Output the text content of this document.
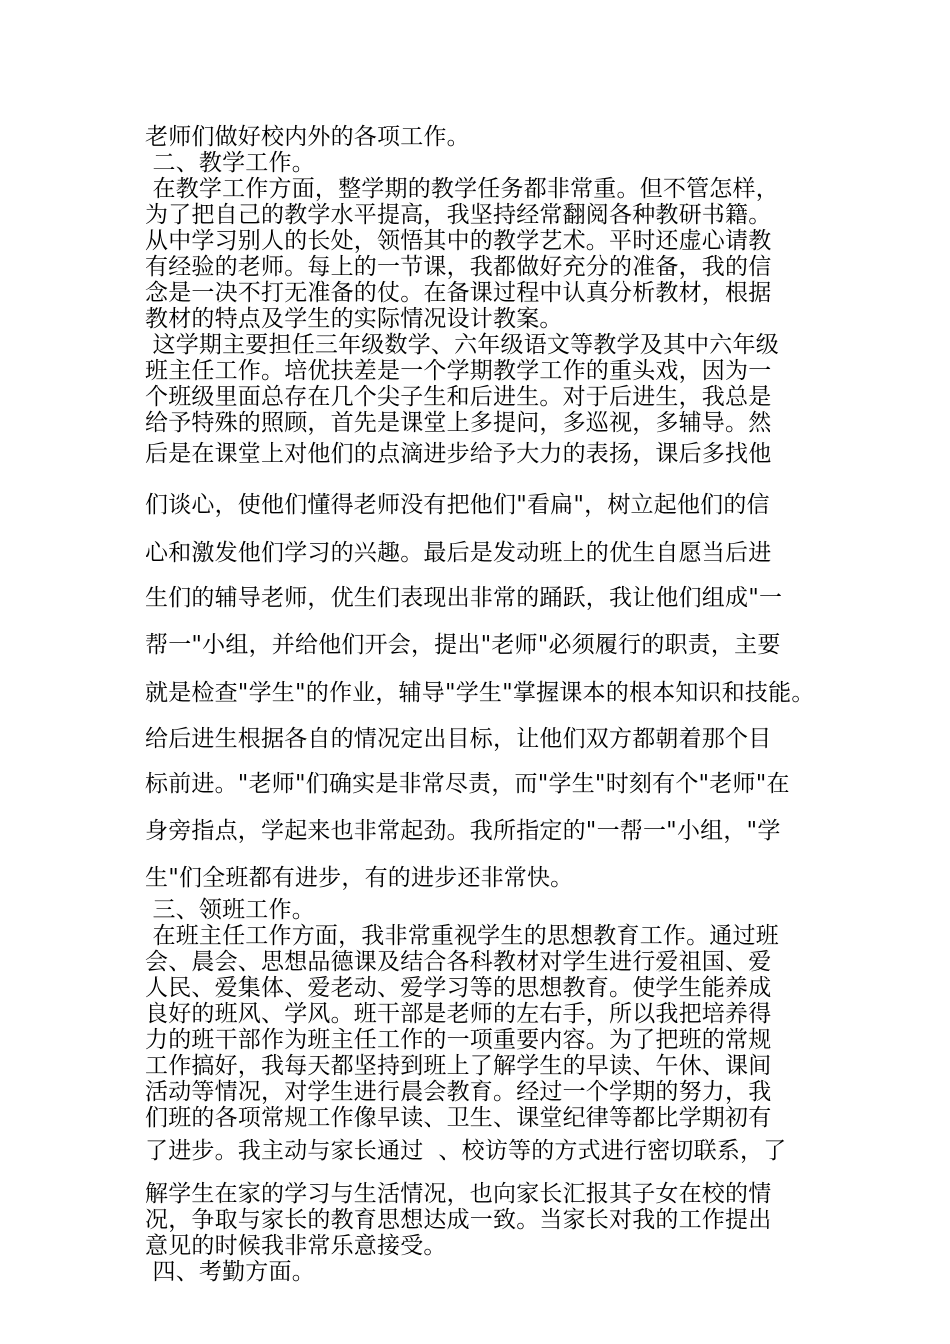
老师们做好校内外的各项工作。
二、教学工作。
在教学工作方面，整学期的教学任务都非常重。但不管怎样，
为了把自己的教学水平提高，我坚持经常翻阅各种教研书籍。
从中学习别人的长处，领悟其中的教学艺术。平时还虚心请教
有经验的老师。每上的一节课，我都做好充分的准备，我的信
念是一决不打无准备的仗。在备课过程中认真分析教材，根据
教材的特点及学生的实际情况设计教案。
这学期主要担任三年级数学、六年级语文等教学及其中六年级
班主任工作。培优扶差是一个学期教学工作的重头戏，因为一
个班级里面总存在几个尖子生和后进生。对于后进生，我总是
给予特殊的照顾，首先是课堂上多提问，多巡视，多辅导。然
后是在课堂上对他们的点滴进步给予大力的表扬，课后多找他
们谈心，使他们懂得老师没有把他们"看扁"，树立起他们的信
心和激发他们学习的兴趣。最后是发动班上的优生自愿当后进
生们的辅导老师，优生们表现出非常的踊跃，我让他们组成"一
帮一"小组，并给他们开会，提出"老师"必须履行的职责，主要
就是检查"学生"的作业，辅导"学生"掌握课本的根本知识和技能。
给后进生根据各自的情况定出目标，让他们双方都朝着那个目
标前进。"老师"们确实是非常尽责，而"学生"时刻有个"老师"在
身旁指点，学起来也非常起劲。我所指定的"一帮一"小组，"学
生"们全班都有进步，有的进步还非常快。
三、领班工作。
在班主任工作方面，我非常重视学生的思想教育工作。通过班
会、晨会、思想品德课及结合各科教材对学生进行爱祖国、爱
人民、爱集体、爱老动、爱学习等的思想教育。使学生能养成
良好的班风、学风。班干部是老师的左右手，所以我把培养得
力的班干部作为班主任工作的一项重要内容。为了把班的常规
工作搞好，我每天都坚持到班上了解学生的早读、午休、课间
活动等情况，对学生进行晨会教育。经过一个学期的努力，我
们班的各项常规工作像早读、卫生、课堂纪律等都比学期初有
了进步。我主动与家长通过  、校访等的方式进行密切联系，了
解学生在家的学习与生活情况，也向家长汇报其子女在校的情
况，争取与家长的教育思想达成一致。当家长对我的工作提出
意见的时候我非常乐意接受。
四、考勤方面。
